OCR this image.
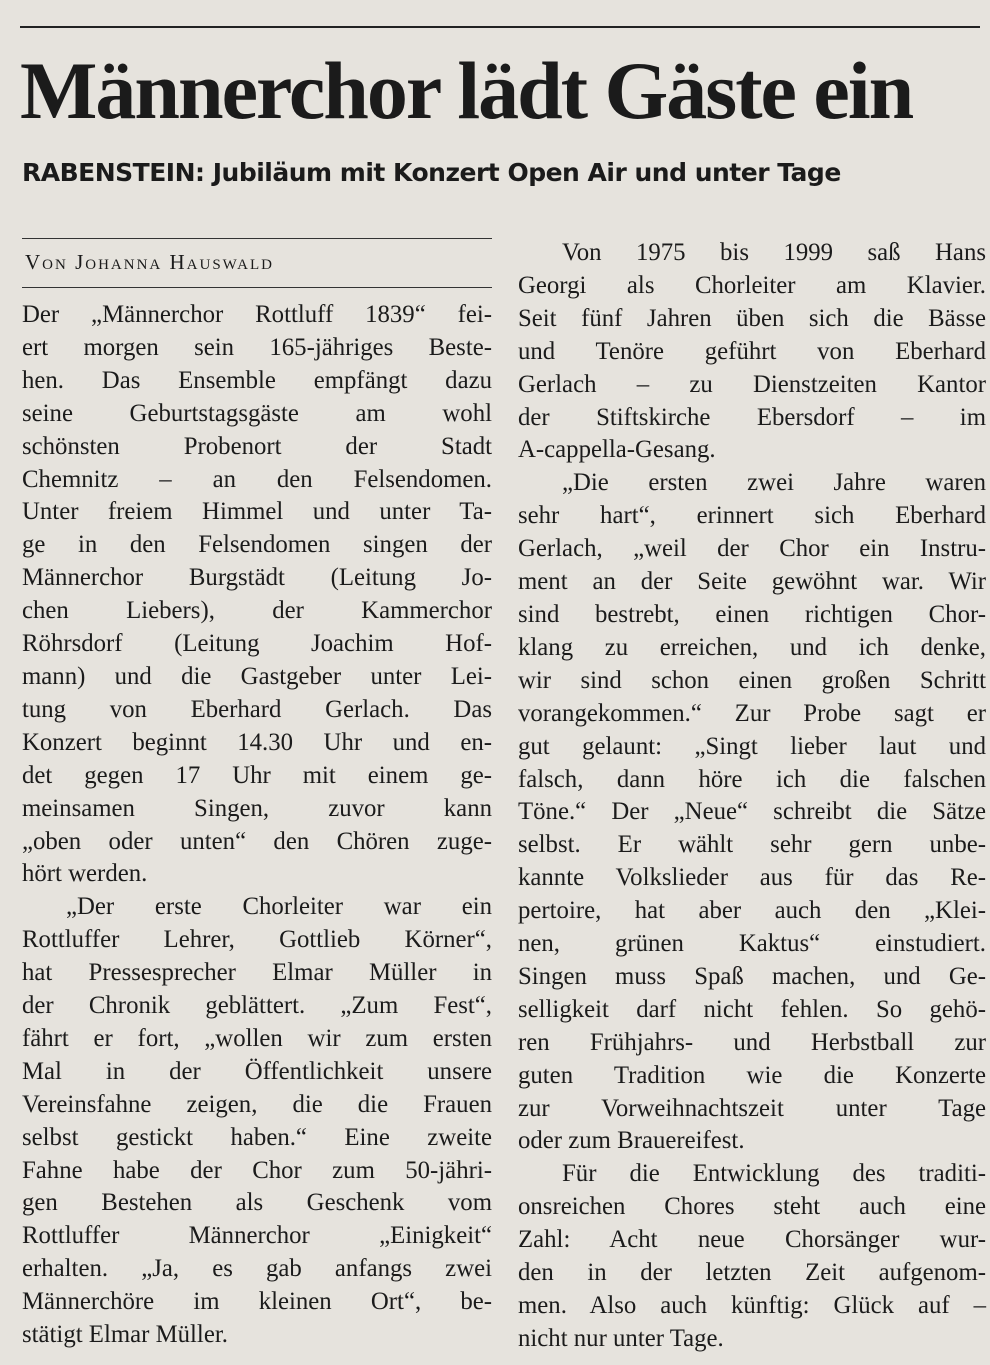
Männerchor lädt Gäste ein
RABENSTEIN: Jubiläum mit Konzert Open Air und unter Tage
Von Johanna Hauswald
Der „Männerchor Rottluff 1839“ fei-
ert morgen sein 165-jähriges Beste-
hen. Das Ensemble empfängt dazu
seine Geburtstagsgäste am wohl
schönsten Probenort der Stadt
Chemnitz – an den Felsendomen.
Unter freiem Himmel und unter Ta-
ge in den Felsendomen singen der
Männerchor Burgstädt (Leitung Jo-
chen Liebers), der Kammerchor
Röhrsdorf (Leitung Joachim Hof-
mann) und die Gastgeber unter Lei-
tung von Eberhard Gerlach. Das
Konzert beginnt 14.30 Uhr und en-
det gegen 17 Uhr mit einem ge-
meinsamen Singen, zuvor kann
„oben oder unten“ den Chören zuge-
hört werden.
„Der erste Chorleiter war ein
Rottluffer Lehrer, Gottlieb Körner“,
hat Pressesprecher Elmar Müller in
der Chronik geblättert. „Zum Fest“,
fährt er fort, „wollen wir zum ersten
Mal in der Öffentlichkeit unsere
Vereinsfahne zeigen, die die Frauen
selbst gestickt haben.“ Eine zweite
Fahne habe der Chor zum 50-jähri-
gen Bestehen als Geschenk vom
Rottluffer Männerchor „Einigkeit“
erhalten. „Ja, es gab anfangs zwei
Männerchöre im kleinen Ort“, be-
stätigt Elmar Müller.
Von 1975 bis 1999 saß Hans
Georgi als Chorleiter am Klavier.
Seit fünf Jahren üben sich die Bässe
und Tenöre geführt von Eberhard
Gerlach – zu Dienstzeiten Kantor
der Stiftskirche Ebersdorf – im
A-cappella-Gesang.
„Die ersten zwei Jahre waren
sehr hart“, erinnert sich Eberhard
Gerlach, „weil der Chor ein Instru-
ment an der Seite gewöhnt war. Wir
sind bestrebt, einen richtigen Chor-
klang zu erreichen, und ich denke,
wir sind schon einen großen Schritt
vorangekommen.“ Zur Probe sagt er
gut gelaunt: „Singt lieber laut und
falsch, dann höre ich die falschen
Töne.“ Der „Neue“ schreibt die Sätze
selbst. Er wählt sehr gern unbe-
kannte Volkslieder aus für das Re-
pertoire, hat aber auch den „Klei-
nen, grünen Kaktus“ einstudiert.
Singen muss Spaß machen, und Ge-
selligkeit darf nicht fehlen. So gehö-
ren Frühjahrs- und Herbstball zur
guten Tradition wie die Konzerte
zur Vorweihnachtszeit unter Tage
oder zum Brauereifest.
Für die Entwicklung des traditi-
onsreichen Chores steht auch eine
Zahl: Acht neue Chorsänger wur-
den in der letzten Zeit aufgenom-
men. Also auch künftig: Glück auf –
nicht nur unter Tage.
